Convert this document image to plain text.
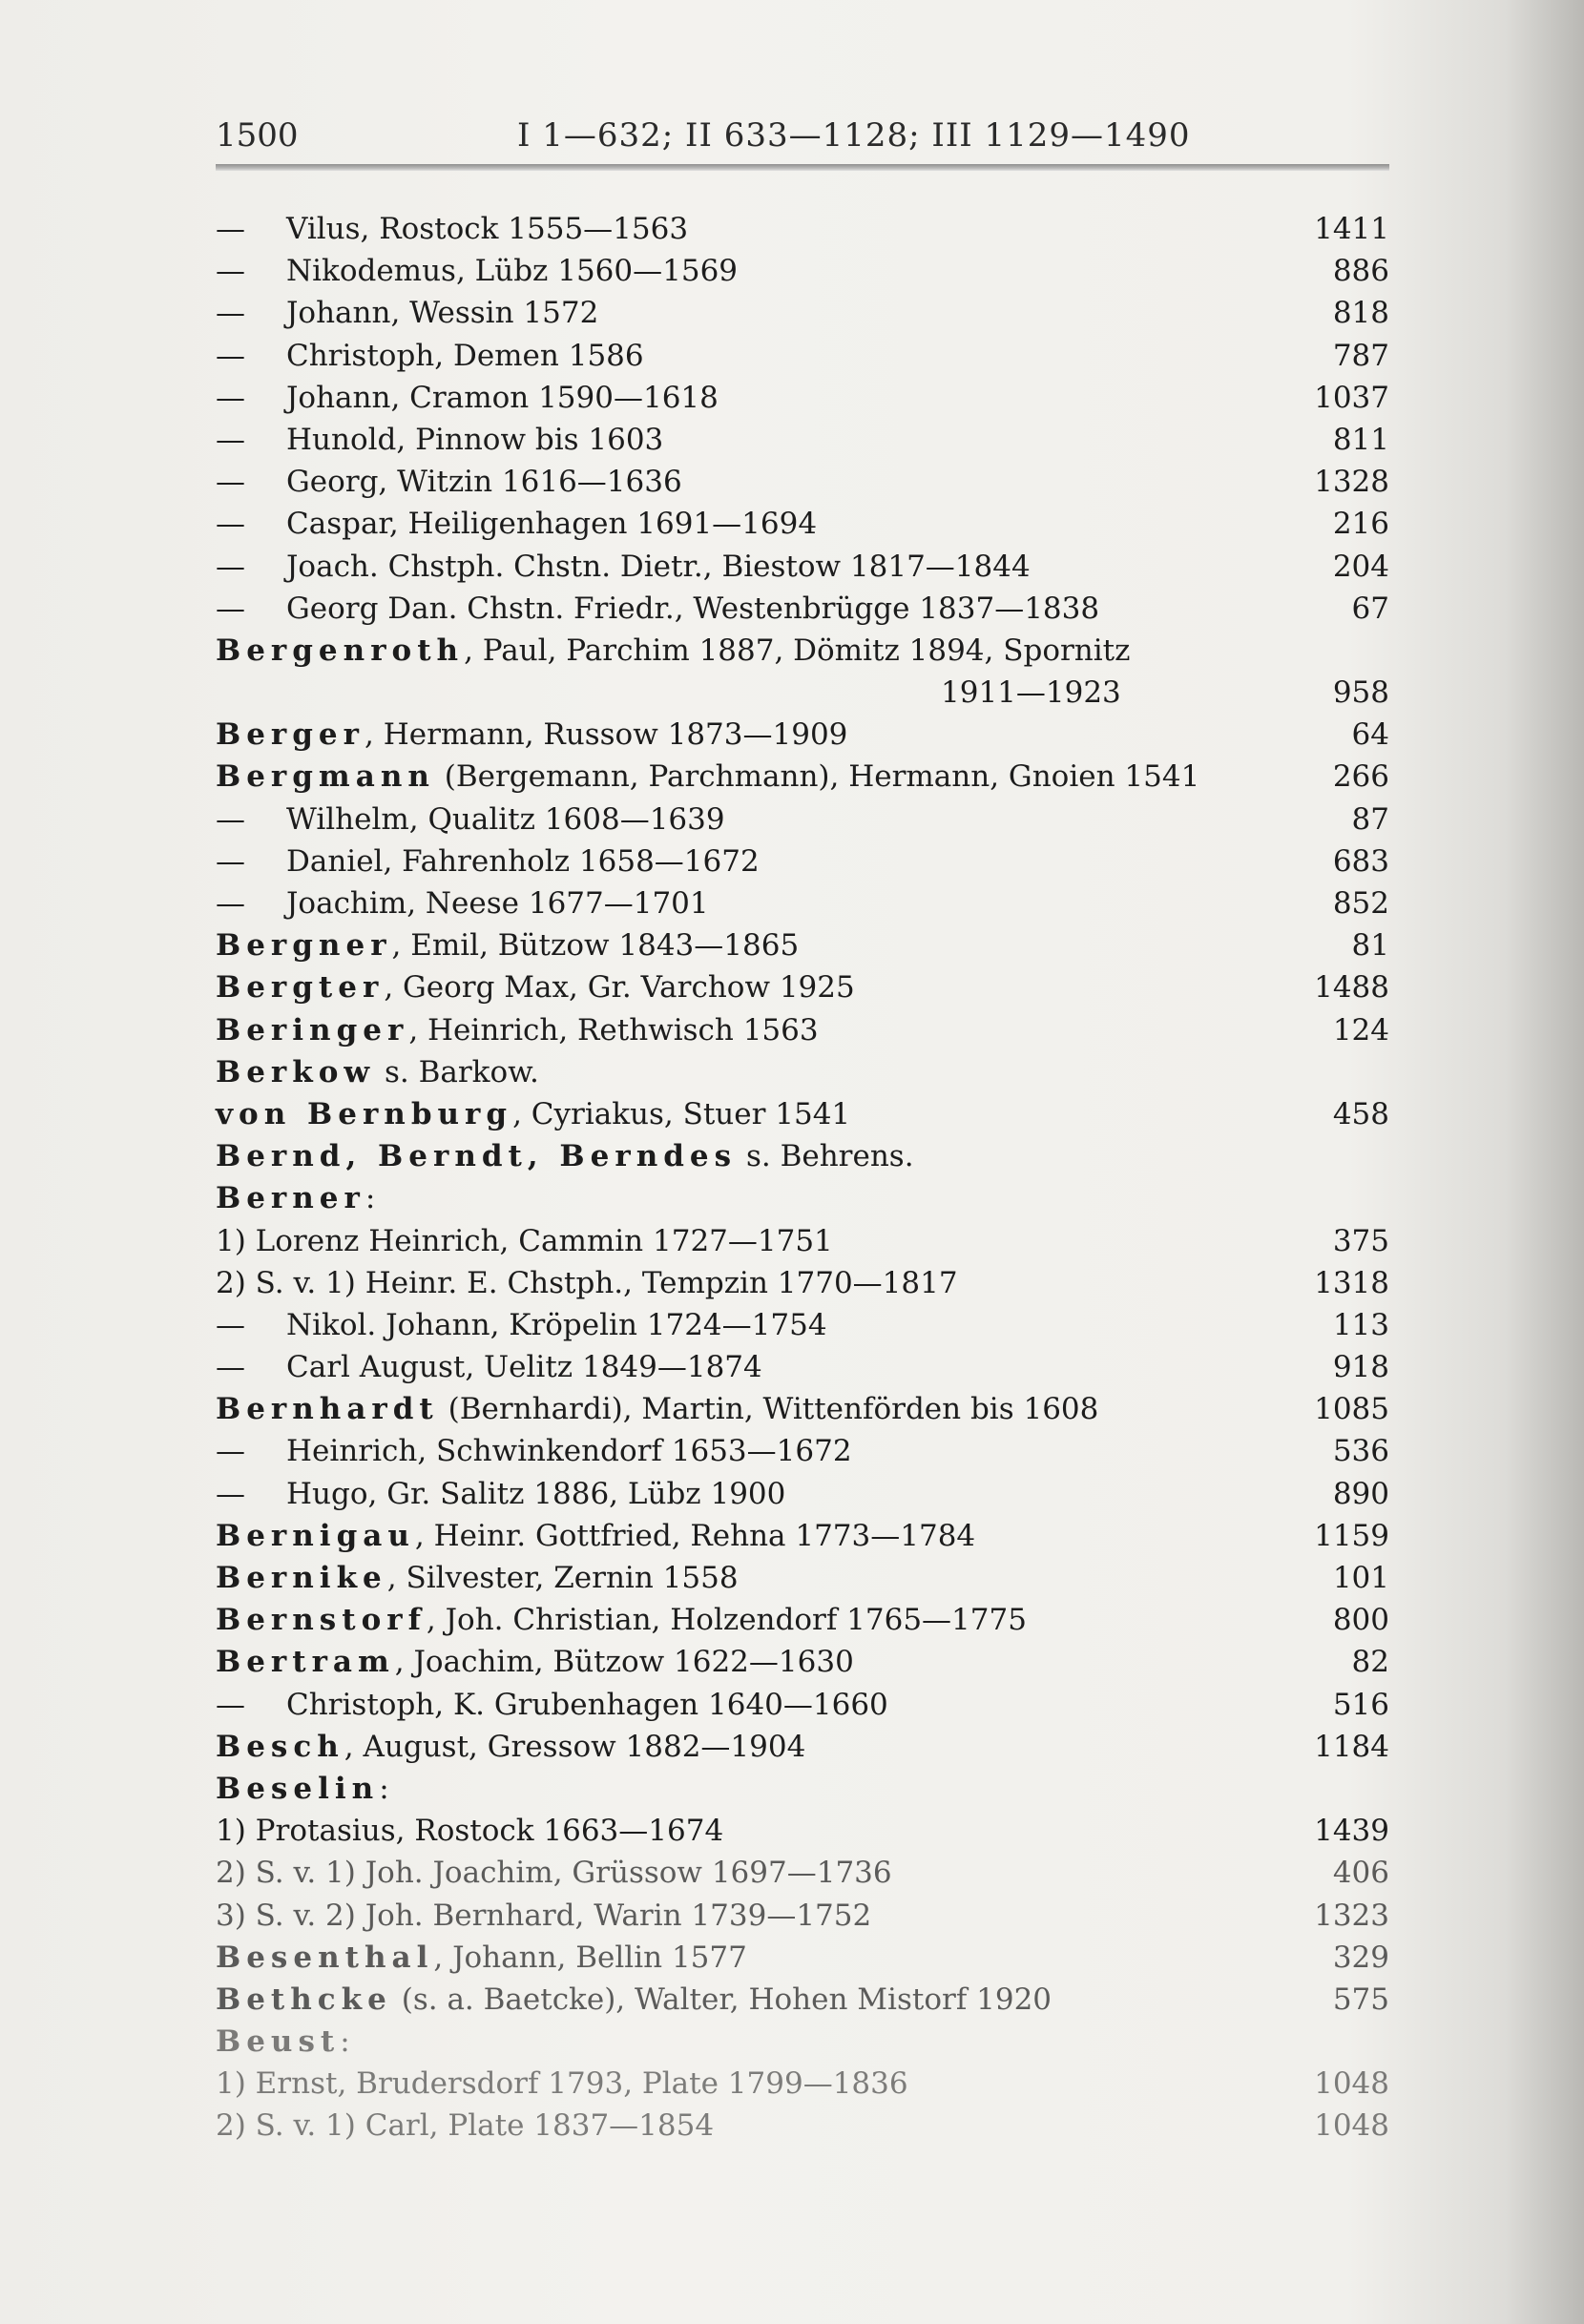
1500	I 1—632; II 633—1128; III 1129—1490
— Vilus, Rostock 1555—1563	1411
— Nikodemus, Lübz 1560—1569	886
— Johann, Wessin 1572	818
— Christoph, Demen 1586	787
— Johann, Cramon 1590—1618	1037
— Hunold, Pinnow bis 1603	811
— Georg, Witzin 1616—1636	1328
— Caspar, Heiligenhagen 1691—1694	216
— Joach. Chstph. Chstn. Dietr., Biestow 1817—1844	204
— Georg Dan. Chstn. Friedr., Westenbrügge 1837—1838	67
Bergenroth, Paul, Parchim 1887, Dömitz 1894, Spornitz
1911—1923	958
Berger, Hermann, Russow 1873—1909	64
Bergmann (Bergemann, Parchmann), Hermann, Gnoien 1541	266
— Wilhelm, Qualitz 1608—1639	87
— Daniel, Fahrenholz 1658—1672	683
— Joachim, Neese 1677—1701	852
Bergner, Emil, Bützow 1843—1865	81
Bergter, Georg Max, Gr. Varchow 1925	1488
Beringer, Heinrich, Rethwisch 1563	124
Berkow s. Barkow.
von Bernburg, Cyriakus, Stuer 1541	458
Bernd, Berndt, Berndes s. Behrens.
Berner:
1) Lorenz Heinrich, Cammin 1727—1751	375
2) S. v. 1) Heinr. E. Chstph., Tempzin 1770—1817	1318
— Nikol. Johann, Kröpelin 1724—1754	113
— Carl August, Uelitz 1849—1874	918
Bernhardt (Bernhardi), Martin, Wittenförden bis 1608	1085
— Heinrich, Schwinkendorf 1653—1672	536
— Hugo, Gr. Salitz 1886, Lübz 1900	890
Bernigau, Heinr. Gottfried, Rehna 1773—1784	1159
Bernike, Silvester, Zernin 1558	101
Bernstorf, Joh. Christian, Holzendorf 1765—1775	800
Bertram, Joachim, Bützow 1622—1630	82
— Christoph, K. Grubenhagen 1640—1660	516
Besch, August, Gressow 1882—1904	1184
Beselin:
1) Protasius, Rostock 1663—1674	1439
2) S. v. 1) Joh. Joachim, Grüssow 1697—1736	406
3) S. v. 2) Joh. Bernhard, Warin 1739—1752	1323
Besenthal, Johann, Bellin 1577	329
Bethcke (s. a. Baetcke), Walter, Hohen Mistorf 1920	575
Beust:
1) Ernst, Brudersdorf 1793, Plate 1799—1836	1048
2) S. v. 1) Carl, Plate 1837—1854	1048
